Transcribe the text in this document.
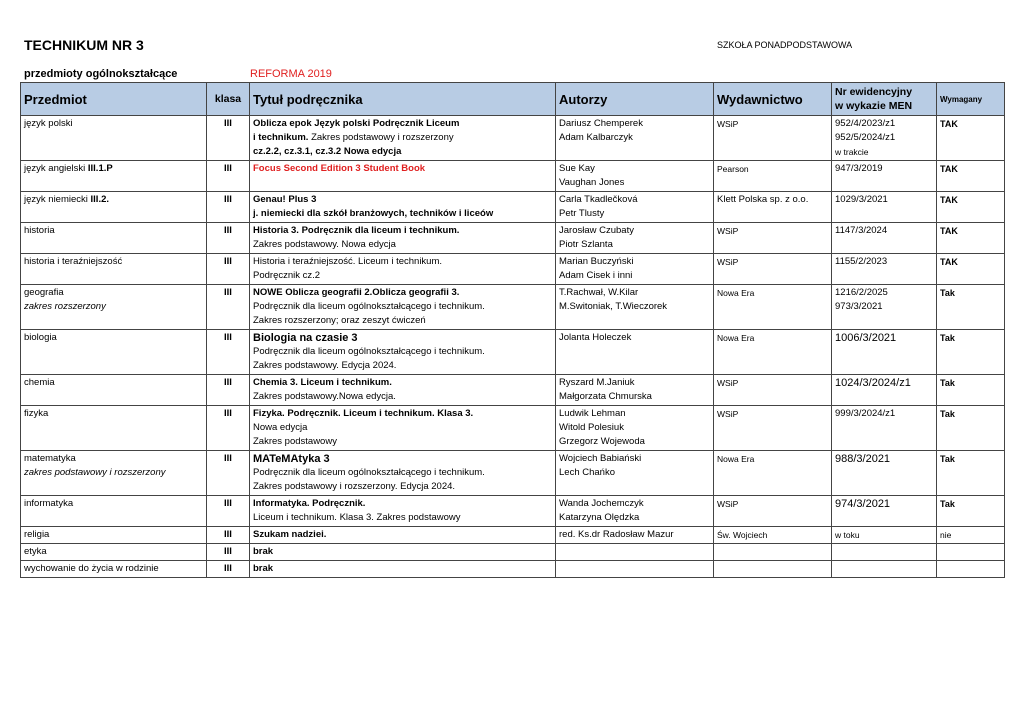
TECHNIKUM NR 3	SZKOŁA PONADPODSTAWOWA
przedmioty ogólnokształcące	REFORMA 2019
Przedmiot	klasa	Tytuł podręcznika	Autorzy	Wydawnictwo	Nr ewidencyjny
w wykazie MEN	Wymagany
język polski	III	Oblicza epok Język polski Podręcznik Liceum
i technikum. Zakres podstawowy i rozszerzony
cz.2.2, cz.3.1, cz.3.2 Nowa edycja	Dariusz Chemperek
Adam Kalbarczyk	WSiP	952/4/2023/z1
952/5/2024/z1
w trakcie	TAK
język angielski III.1.P	III	Focus Second Edition 3 Student Book	Sue Kay
Vaughan Jones	Pearson	947/3/2019	TAK
język niemiecki III.2.	III	Genau! Plus 3
j. niemiecki dla szkół branżowych, techników i liceów	Carla Tkadlečková
Petr Tlusty	Klett Polska sp. z o.o.	1029/3/2021	TAK
historia	III	Historia 3. Podręcznik dla liceum i technikum.
Zakres podstawowy. Nowa edycja	Jarosław Czubaty
Piotr Szlanta	WSiP	1147/3/2024	TAK
historia i teraźniejszość	III	Historia i teraźniejszość. Liceum i technikum.
Podręcznik cz.2	Marian Buczyński
Adam Cisek i inni	WSiP	1155/2/2023	TAK
geografia
zakres rozszerzony	III	NOWE Oblicza geografii 2.Oblicza geografii 3.
Podręcznik dla liceum ogólnokształcącego i technikum.
Zakres rozszerzony; oraz zeszyt ćwiczeń	T.Rachwał, W.Kilar
M.Switoniak, T.Wieczorek	Nowa Era	1216/2/2025
973/3/2021	Tak
biologia	III	Biologia na czasie 3
Podręcznik dla liceum ogólnokształcącego i technikum.
Zakres podstawowy. Edycja 2024.	Jolanta Holeczek	Nowa Era	1006/3/2021	Tak
chemia	III	Chemia 3. Liceum i technikum.
Zakres podstawowy.Nowa edycja.	Ryszard M.Janiuk
Małgorzata Chmurska	WSiP	1024/3/2024/z1	Tak
fizyka	III	Fizyka. Podręcznik. Liceum i technikum. Klasa 3.
Nowa edycja
Zakres podstawowy	Ludwik Lehman
Witold Polesiuk
Grzegorz Wojewoda	WSiP	999/3/2024/z1	Tak
matematyka
zakres podstawowy i rozszerzony	III	MATeMAtyka 3
Podręcznik dla liceum ogólnokształcącego i technikum.
Zakres podstawowy i rozszerzony. Edycja 2024.	Wojciech Babiański
Lech Chańko	Nowa Era	988/3/2021	Tak
informatyka	III	Informatyka. Podręcznik.
Liceum i technikum. Klasa 3. Zakres podstawowy	Wanda Jochemczyk
Katarzyna Olędzka	WSiP	974/3/2021	Tak
religia	III	Szukam nadziei.	red. Ks.dr Radosław Mazur	Św. Wojciech	w toku	nie
etyka	III	brak				

wychowanie do życia w rodzinie	III	brak				
